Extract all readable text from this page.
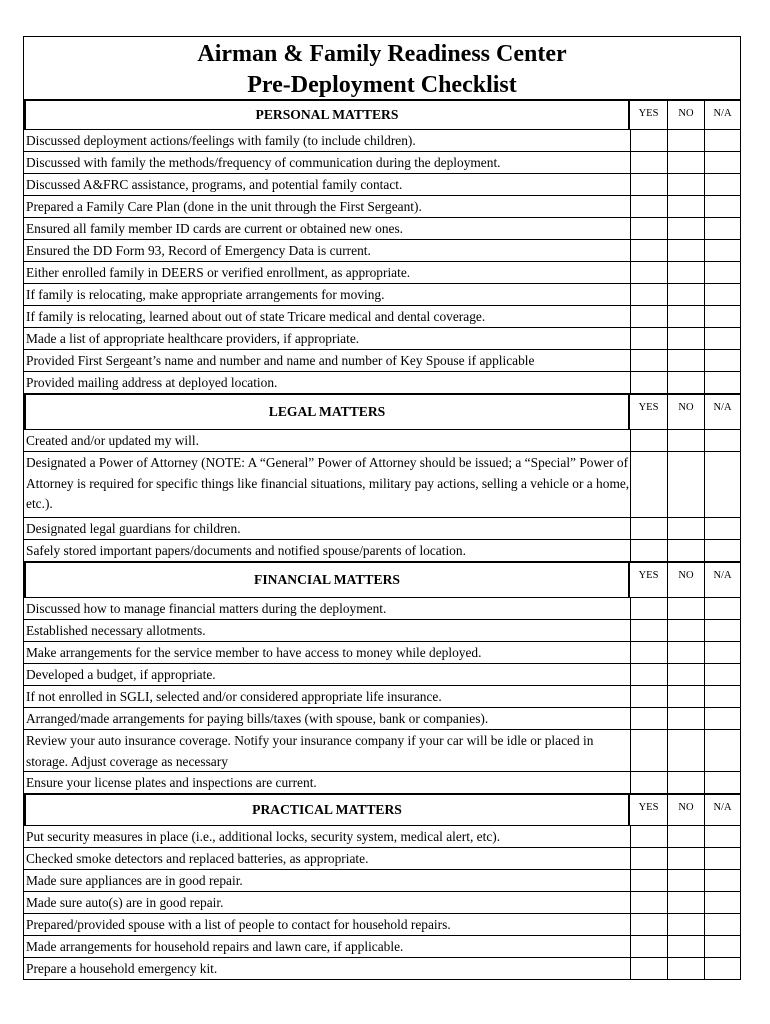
Airman & Family Readiness Center
Pre-Deployment Checklist
PERSONAL MATTERS	YES	NO	N/A
Discussed deployment actions/feelings with family (to include children).
Discussed with family the methods/frequency of communication during the deployment.
Discussed A&FRC assistance, programs, and potential family contact.
Prepared a Family Care Plan (done in the unit through the First Sergeant).
Ensured all family member ID cards are current or obtained new ones.
Ensured the DD Form 93, Record of Emergency Data is current.
Either enrolled family in DEERS or verified enrollment, as appropriate.
If family is relocating, make appropriate arrangements for moving.
If family is relocating, learned about out of state Tricare medical and dental coverage.
Made a list of appropriate healthcare providers, if appropriate.
Provided First Sergeant’s name and number and name and number of Key Spouse if applicable
Provided mailing address at deployed location.
LEGAL MATTERS	YES	NO	N/A
Created and/or updated my will.
Designated a Power of Attorney (NOTE: A “General” Power of Attorney should be issued; a “Special” Power of Attorney is required for specific things like financial situations, military pay actions, selling a vehicle or a home, etc.).
Designated legal guardians for children.
Safely stored important papers/documents and notified spouse/parents of location.
FINANCIAL MATTERS	YES	NO	N/A
Discussed how to manage financial matters during the deployment.
Established necessary allotments.
Make arrangements for the service member to have access to money while deployed.
Developed a budget, if appropriate.
If not enrolled in SGLI, selected and/or considered appropriate life insurance.
Arranged/made arrangements for paying bills/taxes (with spouse, bank or companies).
Review your auto insurance coverage. Notify your insurance company if your car will be idle or placed in storage. Adjust coverage as necessary
Ensure your license plates and inspections are current.
PRACTICAL MATTERS	YES	NO	N/A
Put security measures in place (i.e., additional locks, security system, medical alert, etc).
Checked smoke detectors and replaced batteries, as appropriate.
Made sure appliances are in good repair.
Made sure auto(s) are in good repair.
Prepared/provided spouse with a list of people to contact for household repairs.
Made arrangements for household repairs and lawn care, if applicable.
Prepare a household emergency kit.
